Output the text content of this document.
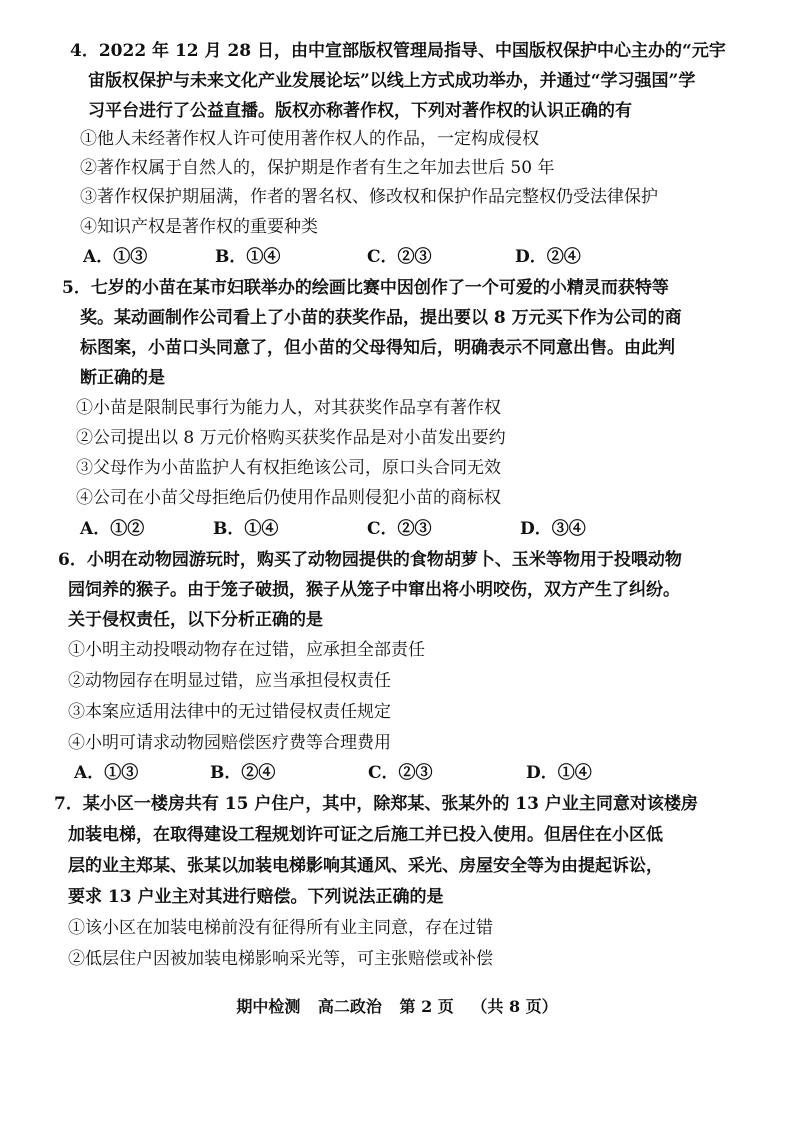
4．2022 年 12 月 28 日，由中宣部版权管理局指导、中国版权保护中心主办的“元宇
宙版权保护与未来文化产业发展论坛”以线上方式成功举办，并通过“学习强国”学
习平台进行了公益直播。版权亦称著作权，下列对著作权的认识正确的有
①他人未经著作权人许可使用著作权人的作品，一定构成侵权
②著作权属于自然人的，保护期是作者有生之年加去世后 50 年
③著作权保护期届满，作者的署名权、修改权和保护作品完整权仍受法律保护
④知识产权是著作权的重要种类
A．①③	B．①④	C．②③	D．②④
5．七岁的小苗在某市妇联举办的绘画比赛中因创作了一个可爱的小精灵而获特等
奖。某动画制作公司看上了小苗的获奖作品，提出要以 8 万元买下作为公司的商
标图案，小苗口头同意了，但小苗的父母得知后，明确表示不同意出售。由此判
断正确的是
①小苗是限制民事行为能力人，对其获奖作品享有著作权
②公司提出以 8 万元价格购买获奖作品是对小苗发出要约
③父母作为小苗监护人有权拒绝该公司，原口头合同无效
④公司在小苗父母拒绝后仍使用作品则侵犯小苗的商标权
A．①②	B．①④	C．②③	D．③④
6．小明在动物园游玩时，购买了动物园提供的食物胡萝卜、玉米等物用于投喂动物
园饲养的猴子。由于笼子破损，猴子从笼子中窜出将小明咬伤，双方产生了纠纷。
关于侵权责任，以下分析正确的是
①小明主动投喂动物存在过错，应承担全部责任
②动物园存在明显过错，应当承担侵权责任
③本案应适用法律中的无过错侵权责任规定
④小明可请求动物园赔偿医疗费等合理费用
A．①③	B．②④	C．②③	D．①④
7．某小区一楼房共有 15 户住户，其中，除郑某、张某外的 13 户业主同意对该楼房
加装电梯，在取得建设工程规划许可证之后施工并已投入使用。但居住在小区低
层的业主郑某、张某以加装电梯影响其通风、采光、房屋安全等为由提起诉讼，
要求 13 户业主对其进行赔偿。下列说法正确的是
①该小区在加装电梯前没有征得所有业主同意，存在过错
②低层住户因被加装电梯影响采光等，可主张赔偿或补偿
期中检测 高二政治 第 2 页 （共 8 页）
